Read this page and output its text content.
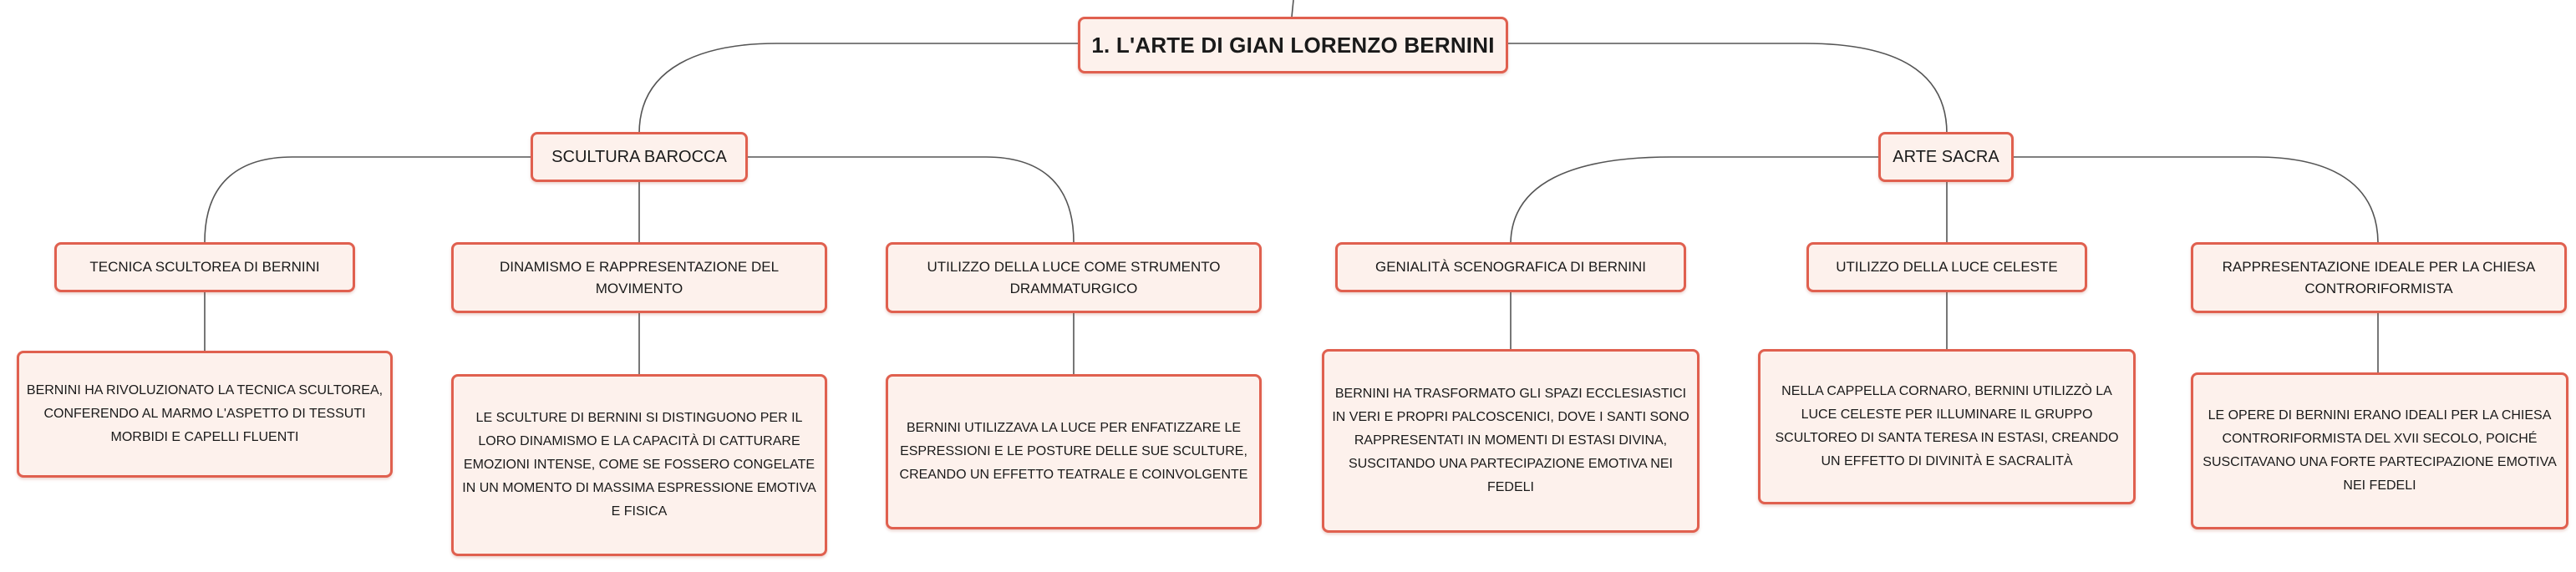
1. L'ARTE DI GIAN LORENZO BERNINI
SCULTURA BAROCCA	ARTE SACRA
TECNICA SCULTOREA DI BERNINI	DINAMISMO E RAPPRESENTAZIONE DEL MOVIMENTO
UTILIZZO DELLA LUCE COME STRUMENTO DRAMMATURGICO
GENIALITÀ SCENOGRAFICA DI BERNINI	UTILIZZO DELLA LUCE CELESTE	RAPPRESENTAZIONE IDEALE PER LA CHIESA CONTRORIFORMISTA
BERNINI HA RIVOLUZIONATO LA TECNICA SCULTOREA, CONFERENDO AL MARMO L'ASPETTO DI TESSUTI MORBIDI E CAPELLI FLUENTI
LE SCULTURE DI BERNINI SI DISTINGUONO PER IL LORO DINAMISMO E LA CAPACITÀ DI CATTURARE EMOZIONI INTENSE, COME SE FOSSERO CONGELATE IN UN MOMENTO DI MASSIMA ESPRESSIONE EMOTIVA E FISICA
BERNINI UTILIZZAVA LA LUCE PER ENFATIZZARE LE ESPRESSIONI E LE POSTURE DELLE SUE SCULTURE, CREANDO UN EFFETTO TEATRALE E COINVOLGENTE
BERNINI HA TRASFORMATO GLI SPAZI ECCLESIASTICI IN VERI E PROPRI PALCOSCENICI, DOVE I SANTI SONO RAPPRESENTATI IN MOMENTI DI ESTASI DIVINA, SUSCITANDO UNA PARTECIPAZIONE EMOTIVA NEI FEDELI
NELLA CAPPELLA CORNARO, BERNINI UTILIZZÒ LA LUCE CELESTE PER ILLUMINARE IL GRUPPO SCULTOREO DI SANTA TERESA IN ESTASI, CREANDO UN EFFETTO DI DIVINITÀ E SACRALITÀ
LE OPERE DI BERNINI ERANO IDEALI PER LA CHIESA CONTRORIFORMISTA DEL XVII SECOLO, POICHÉ SUSCITAVANO UNA FORTE PARTECIPAZIONE EMOTIVA NEI FEDELI
